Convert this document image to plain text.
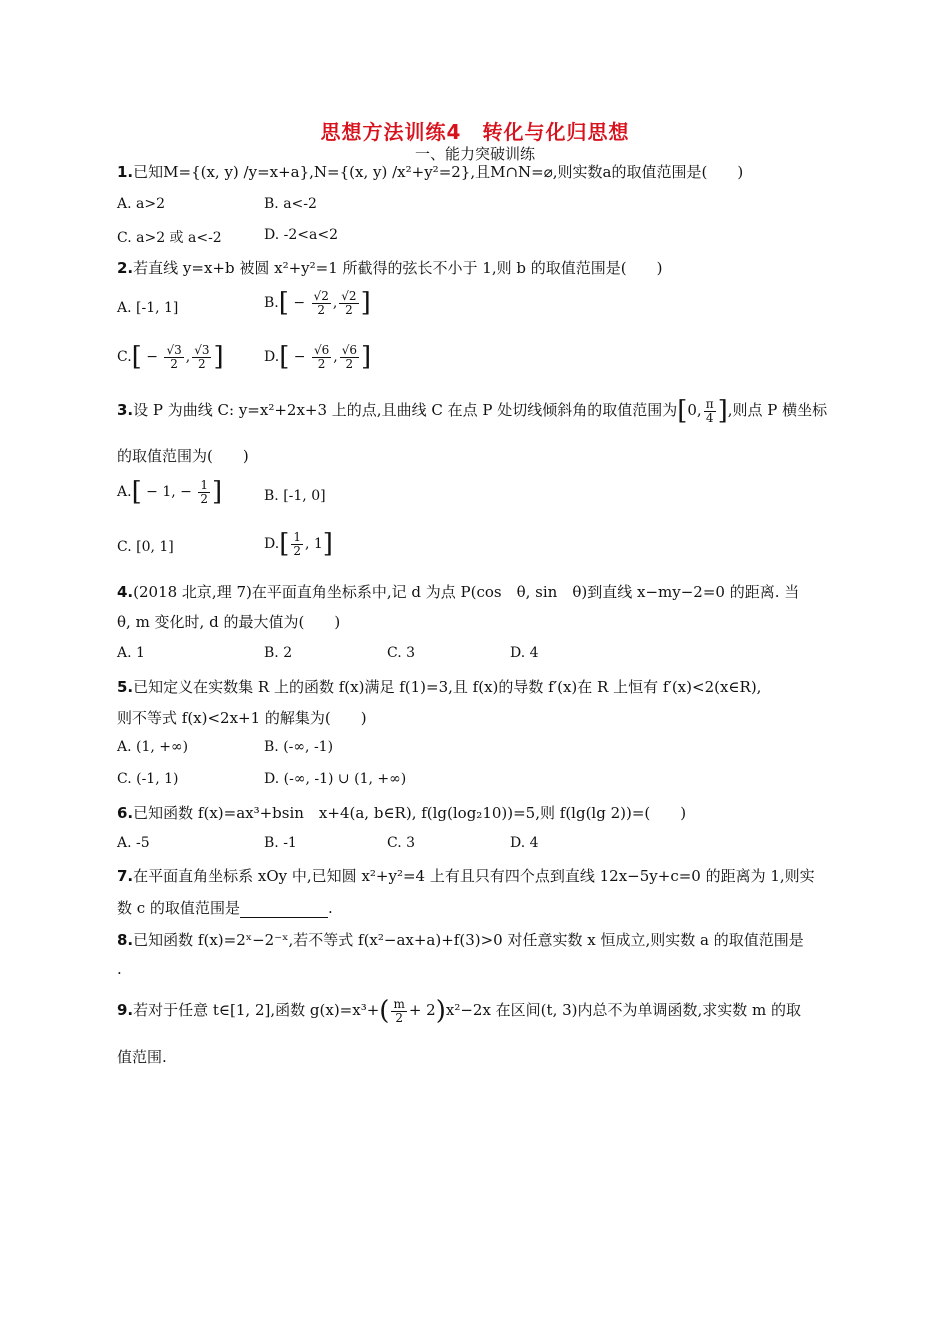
思想方法训练4　转化与化归思想
一、能力突破训练
1.已知M={(x, y) /y=x+a},N={(x, y) /x²+y²=2},且M∩N=⌀,则实数a的取值范围是(　　)
A. a>2	B. a<-2
C. a>2 或 a<-2	D. -2<a<2
2.若直线 y=x+b 被圆 x²+y²=1 所截得的弦长不小于 1,则 b 的取值范围是(　　)
A. [-1, 1]	$B.[ - \frac{√2}{2}$ , $\frac{√2}{2}$ ]
$C.[ - \frac{√3}{2}$ , $\frac{√3}{2}$ ]	$D.[ - \frac{√6}{2}$ , $\frac{√6}{2}$ ]
3.设 P 为曲线 C: y=x²+2x+3 上的点,且曲线 C 在点 P 处切线倾斜角的取值范围为[0, $\frac{\pi}{4}$ ],则点 P 横坐标
的取值范围为(　　)
A.[ − 1, − $\frac{1}{2}$ ]	B. [-1, 0]
C. [0, 1]	$D.[ \frac{1}{2}$ , 1]
4.(2018 北京,理 7)在平面直角坐标系中,记 d 为点 P(cos　θ, sin　θ)到直线 x−my−2=0 的距离. 当
θ, m 变化时, d 的最大值为(　　)
A. 1	B. 2	C. 3	D. 4
5.已知定义在实数集 R 上的函数 f(x)满足 f(1)=3,且 f(x)的导数 f′(x)在 R 上恒有 f′(x)<2(x∈R),
则不等式 f(x)<2x+1 的解集为(　　)
A. (1, +∞)	B. (-∞, -1)
C. (-1, 1)	D. (-∞, -1) ∪ (1, +∞)
6.已知函数 f(x)=ax³+bsin　x+4(a, b∈R), f(lg(log₂10))=5,则 f(lg(lg 2))=(　　)
A. -5	B. -1	C. 3	D. 4
7.在平面直角坐标系 xOy 中,已知圆 x²+y²=4 上有且只有四个点到直线 12x−5y+c=0 的距离为 1,则实
数 c 的取值范围是	.
8.已知函数 f(x)=2ˣ−2⁻ˣ,若不等式 f(x²−ax+a)+f(3)>0 对任意实数 x 恒成立,则实数 a 的取值范围是
.
9.若对于任意 t∈[1, 2],函数 $g(x)=x^3+( \frac{m}{2} + 2)x^2-2x$ 在区间(t, 3)内总不为单调函数,求实数 m 的取
值范围.
